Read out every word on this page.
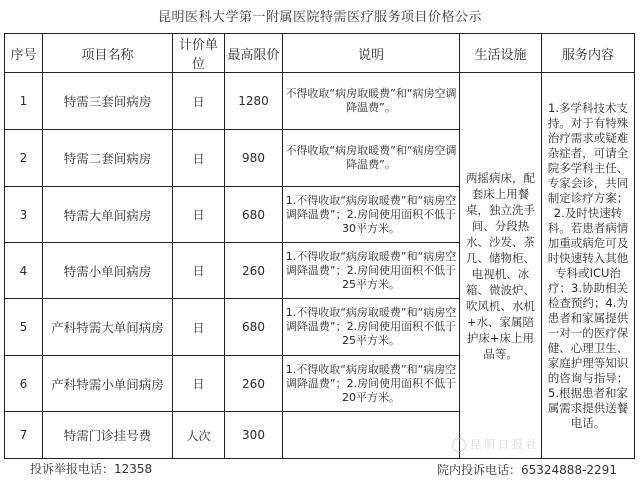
昆明医科大学第一附属医院特需医疗服务项目价格公示
序号	项目名称	计价单位	最高限价	说明	生活设施	服务内容
1	特需三套间病房	日	1280	不得收取“病房取暖费”和“病房空调降温费”。	两摇病床，配套床上用餐桌，独立洗手间、分段热水、沙发、茶几、储物柜、电视机、冰箱、微波炉、吹风机、水机+水、家属陪护床+床上用品等。	1.多学科技术支持。对于有特殊治疗需求或疑难杂症者，可请全院多学科主任、专家会诊，共同制定诊疗方案；2.及时快速转科。若患者病情加重或病危可及时快速转入其他专科或ICU治疗；3.协助相关检查预约；4.为患者和家属提供一对一的医疗保健、心理卫生、家庭护理等知识的咨询与指导；5.根据患者和家属需求提供送餐电话。
2	特需二套间病房	日	980	不得收取“病房取暖费”和“病房空调降温费”。		
3	特需大单间病房	日	680	1.不得收取“病房取暖费”和“病房空调降温费”；2.房间使用面积不低于30平方米。		
4	特需小单间病房	日	260	1.不得收取“病房取暖费”和“病房空调降温费”；2.房间使用面积不低于25平方米。		
5	产科特需大单间病房	日	680	1.不得收取“病房取暖费”和“病房空调降温费”；2.房间使用面积不低于25平方米。		
6	产科特需小单间病房	日	260	1.不得收取“病房取暖费”和“病房空调降温费”；2.房间使用面积不低于20平方米。		
7	特需门诊挂号费	人次	300			
昆明日报社
投诉举报电话：12358	院内投诉电话：65324888-2291
